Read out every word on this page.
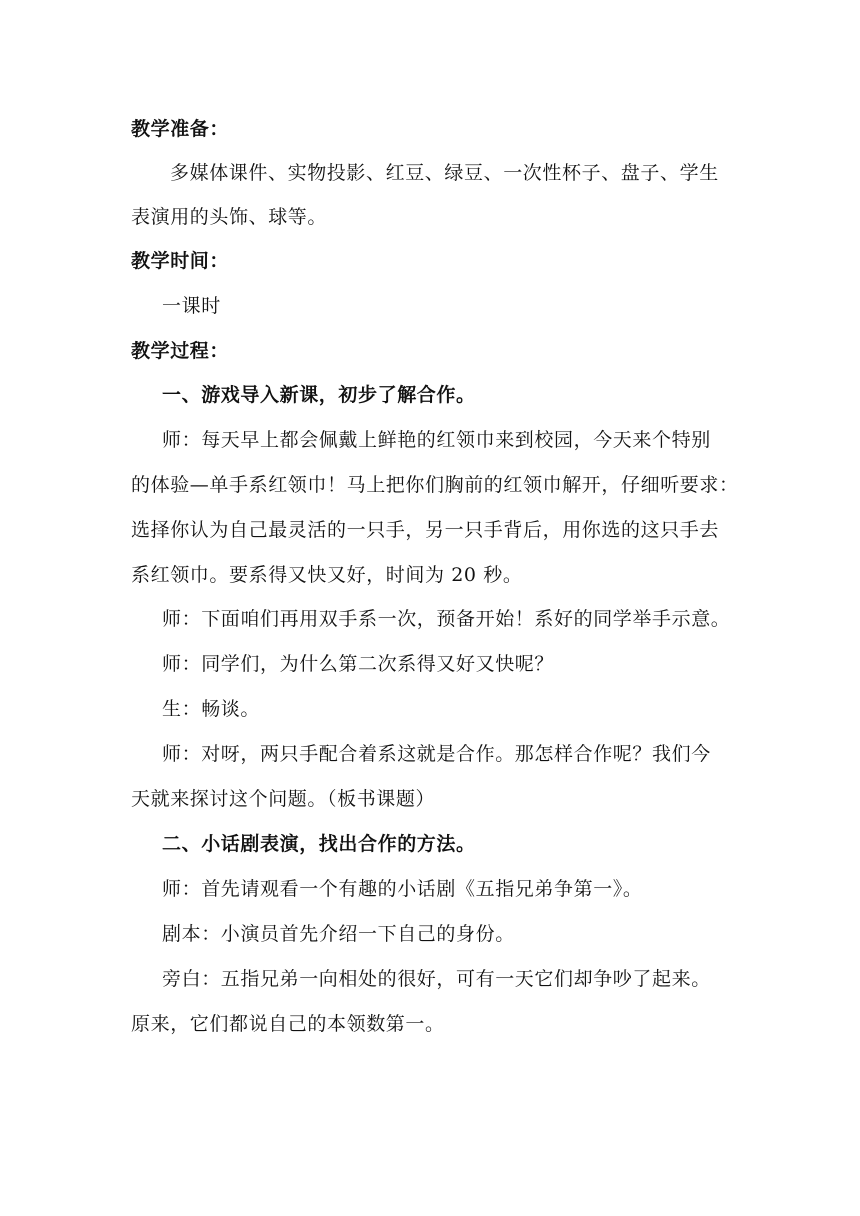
教学准备：
多媒体课件、实物投影、红豆、绿豆、一次性杯子、盘子、学生
表演用的头饰、球等。
教学时间：
一课时
教学过程：
一、游戏导入新课，初步了解合作。
师：每天早上都会佩戴上鲜艳的红领巾来到校园，今天来个特别
的体验—单手系红领巾！马上把你们胸前的红领巾解开，仔细听要求：
选择你认为自己最灵活的一只手，另一只手背后，用你选的这只手去
系红领巾。要系得又快又好，时间为 20 秒。
师：下面咱们再用双手系一次，预备开始！系好的同学举手示意。
师：同学们，为什么第二次系得又好又快呢？
生：畅谈。
师：对呀，两只手配合着系这就是合作。那怎样合作呢？我们今
天就来探讨这个问题。（板书课题）
二、小话剧表演，找出合作的方法。
师：首先请观看一个有趣的小话剧《五指兄弟争第一》。
剧本：小演员首先介绍一下自己的身份。
旁白：五指兄弟一向相处的很好，可有一天它们却争吵了起来。
原来，它们都说自己的本领数第一。
